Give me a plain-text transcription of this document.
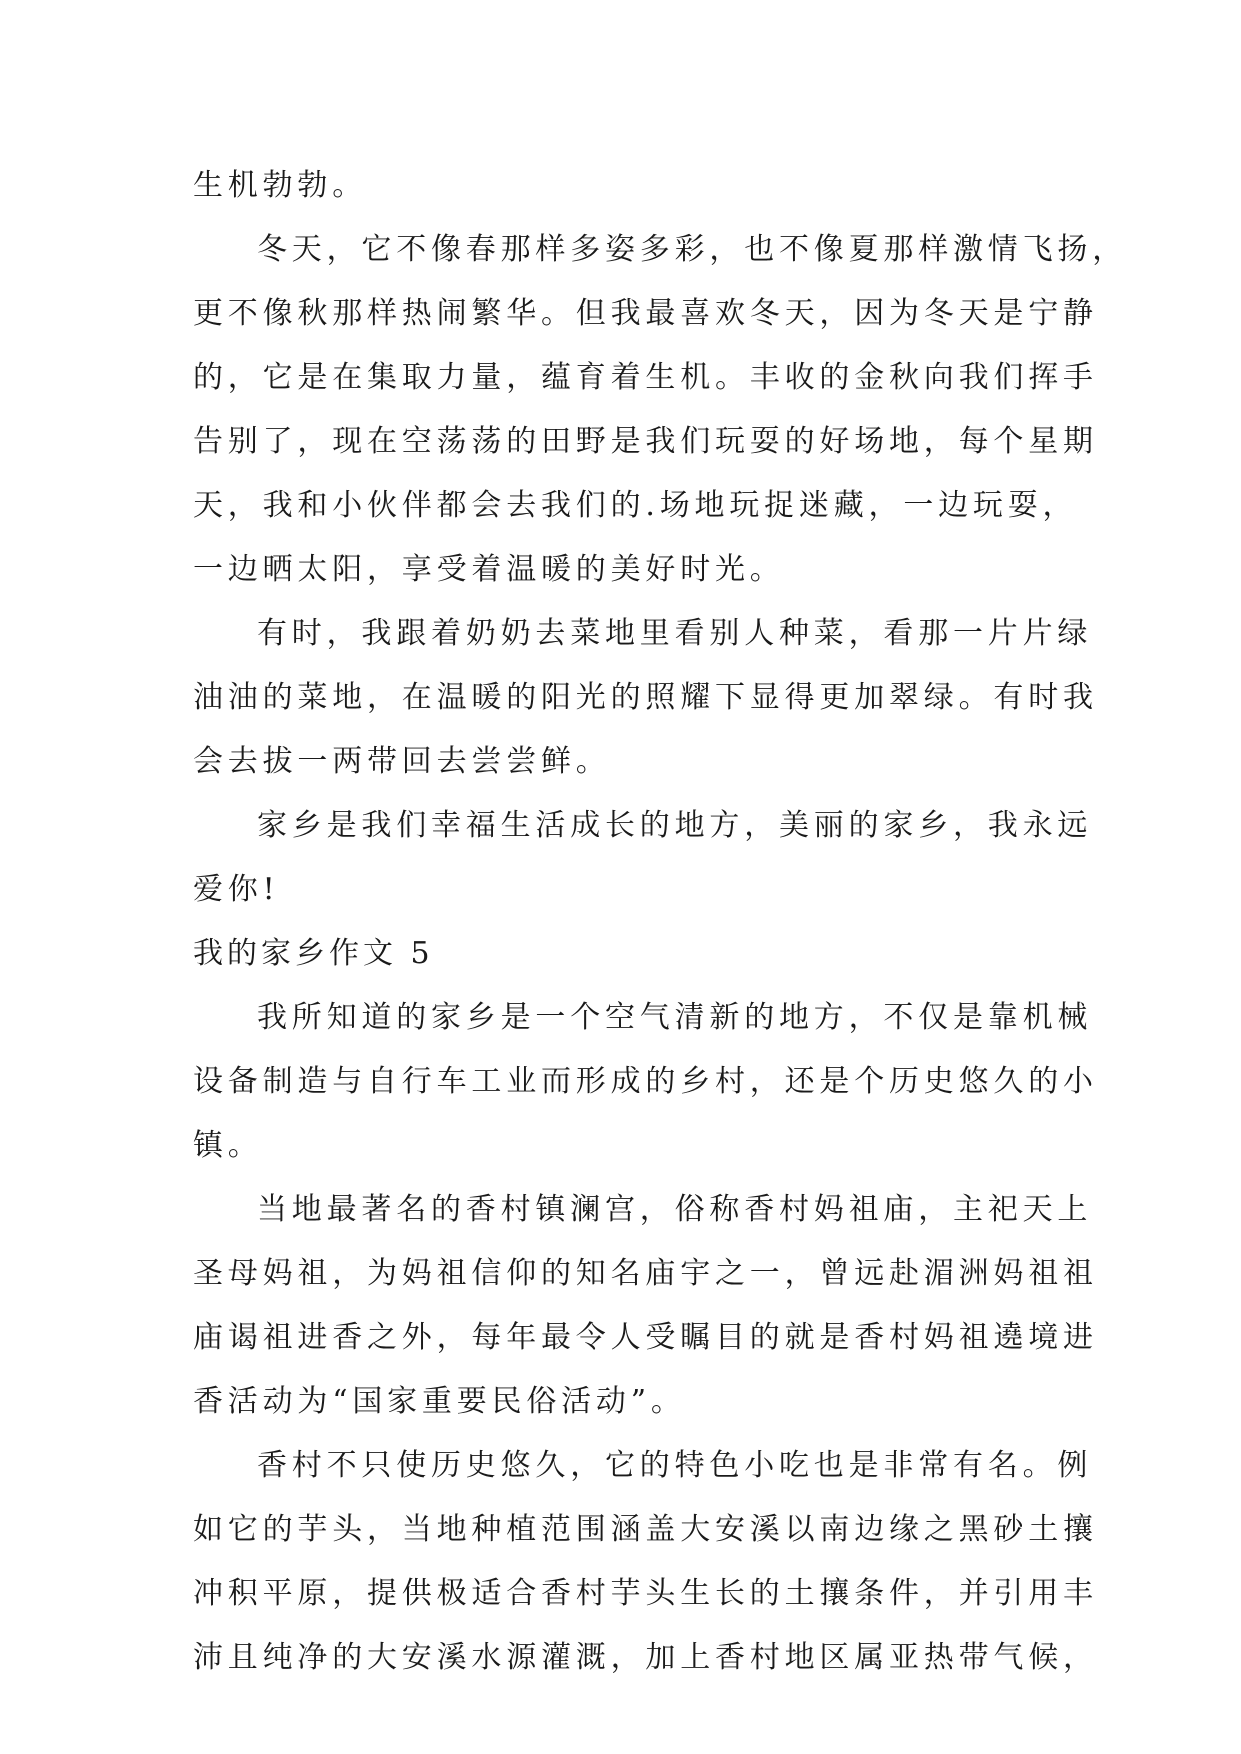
生机勃勃。
冬天，它不像春那样多姿多彩，也不像夏那样激情飞扬，
更不像秋那样热闹繁华。但我最喜欢冬天，因为冬天是宁静
的，它是在集取力量，蕴育着生机。丰收的金秋向我们挥手
告别了，现在空荡荡的田野是我们玩耍的好场地，每个星期
天，我和小伙伴都会去我们的.场地玩捉迷藏，一边玩耍，
一边晒太阳，享受着温暖的美好时光。
有时，我跟着奶奶去菜地里看别人种菜，看那一片片绿
油油的菜地，在温暖的阳光的照耀下显得更加翠绿。有时我
会去拔一两带回去尝尝鲜。
家乡是我们幸福生活成长的地方，美丽的家乡，我永远
爱你!
我的家乡作文 5
我所知道的家乡是一个空气清新的地方，不仅是靠机械
设备制造与自行车工业而形成的乡村，还是个历史悠久的小
镇。
当地最著名的香村镇澜宫，俗称香村妈祖庙，主祀天上
圣母妈祖，为妈祖信仰的知名庙宇之一，曾远赴湄洲妈祖祖
庙谒祖进香之外，每年最令人受瞩目的就是香村妈祖遶境进
香活动为“国家重要民俗活动”。
香村不只使历史悠久，它的特色小吃也是非常有名。例
如它的芋头，当地种植范围涵盖大安溪以南边缘之黑砂土攘
冲积平原，提供极适合香村芋头生长的土攘条件，并引用丰
沛且纯净的大安溪水源灌溉，加上香村地区属亚热带气候，
